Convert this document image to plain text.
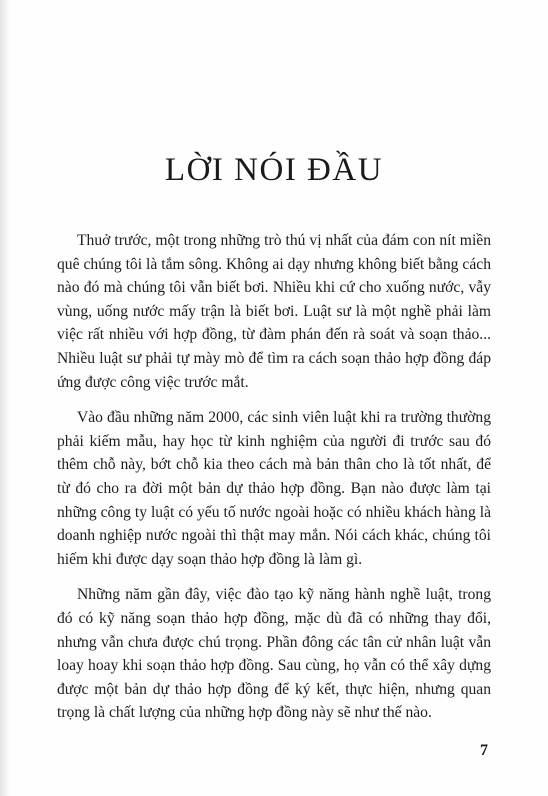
LỜI NÓI ĐẦU

Thuở trước, một trong những trò thú vị nhất của đám con nít miền quê chúng tôi là tắm sông. Không ai dạy nhưng không biết bằng cách nào đó mà chúng tôi vẫn biết bơi. Nhiều khi cứ cho xuống nước, vẫy vùng, uống nước mấy trận là biết bơi. Luật sư là một nghề phải làm việc rất nhiều với hợp đồng, từ đàm phán đến rà soát và soạn thảo... Nhiều luật sư phải tự mày mò để tìm ra cách soạn thảo hợp đồng đáp ứng được công việc trước mắt.

Vào đầu những năm 2000, các sinh viên luật khi ra trường thường phải kiếm mẫu, hay học từ kinh nghiệm của người đi trước sau đó thêm chỗ này, bớt chỗ kia theo cách mà bản thân cho là tốt nhất, để từ đó cho ra đời một bản dự thảo hợp đồng. Bạn nào được làm tại những công ty luật có yếu tố nước ngoài hoặc có nhiều khách hàng là doanh nghiệp nước ngoài thì thật may mắn. Nói cách khác, chúng tôi hiếm khi được dạy soạn thảo hợp đồng là làm gì.

Những năm gần đây, việc đào tạo kỹ năng hành nghề luật, trong đó có kỹ năng soạn thảo hợp đồng, mặc dù đã có những thay đổi, nhưng vẫn chưa được chú trọng. Phần đông các tân cử nhân luật vẫn loay hoay khi soạn thảo hợp đồng. Sau cùng, họ vẫn có thể xây dựng được một bản dự thảo hợp đồng để ký kết, thực hiện, nhưng quan trọng là chất lượng của những hợp đồng này sẽ như thế nào.

7
